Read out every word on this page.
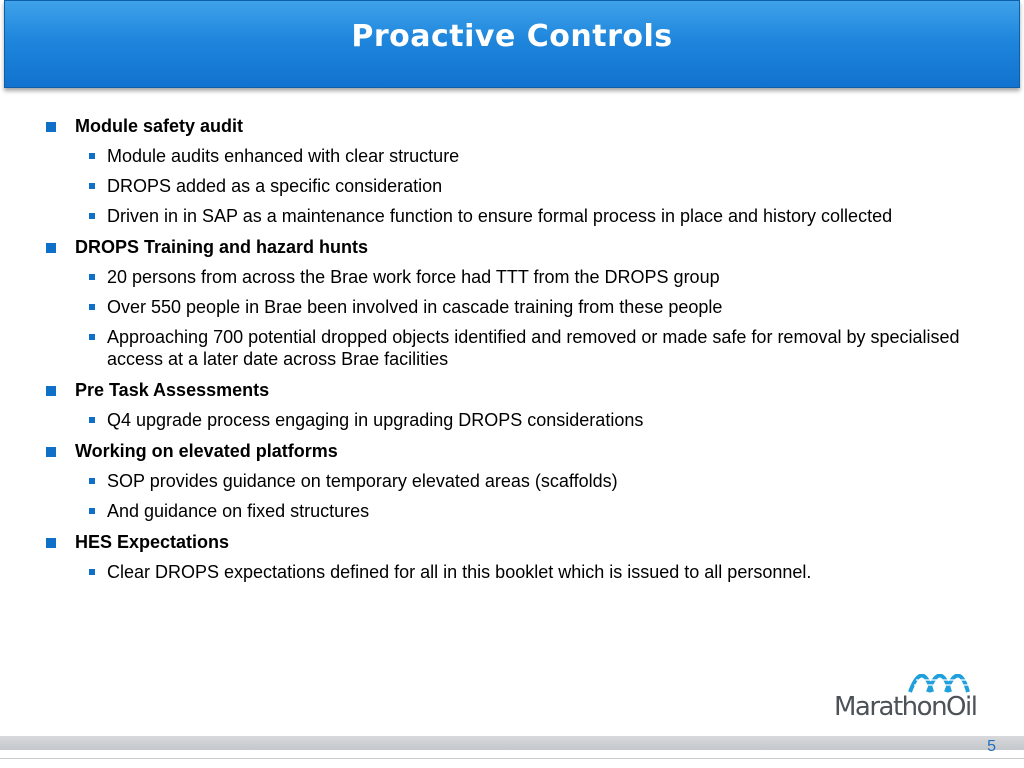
Proactive Controls
Module safety audit
Module audits enhanced with clear structure
DROPS added as a specific consideration
Driven in in SAP as a maintenance function to ensure formal process in place and history collected
DROPS Training and hazard hunts
20 persons from across the Brae work force had TTT from the DROPS group
Over 550 people in Brae been involved in cascade training from these people
Approaching 700 potential dropped objects identified and removed or made safe for removal by specialised access at a later date across Brae facilities
Pre Task Assessments
Q4 upgrade process engaging in upgrading DROPS considerations
Working on elevated platforms
SOP provides guidance on temporary elevated areas (scaffolds)
And guidance on fixed structures
HES Expectations
Clear DROPS expectations defined for all in this booklet which is issued to all personnel.
MarathonOil
5
